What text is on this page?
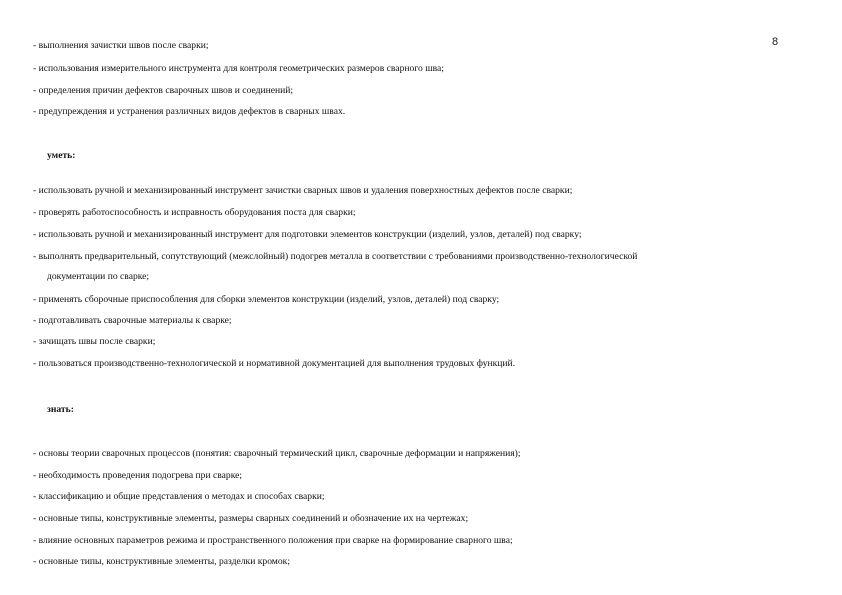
8
- выполнения зачистки швов после сварки;
- использования измерительного инструмента для контроля геометрических размеров сварного шва;
- определения причин дефектов сварочных швов и соединений;
- предупреждения и устранения различных видов дефектов в сварных швах.
уметь:
- использовать ручной и механизированный инструмент зачистки сварных швов и удаления поверхностных дефектов после сварки;
- проверять работоспособность и исправность оборудования поста для сварки;
- использовать ручной и механизированный инструмент для подготовки элементов конструкции (изделий, узлов, деталей) под сварку;
- выполнять предварительный, сопутствующий (межслойный) подогрев металла в соответствии с требованиями производственно-технологической
документации по сварке;
- применять сборочные приспособления для сборки элементов конструкции (изделий, узлов, деталей) под сварку;
- подготавливать сварочные материалы к сварке;
- зачищать швы после сварки;
- пользоваться производственно-технологической и нормативной документацией для выполнения трудовых функций.
знать:
- основы теории сварочных процессов (понятия: сварочный термический цикл, сварочные деформации и напряжения);
- необходимость проведения подогрева при сварке;
- классификацию и общие представления о методах и способах сварки;
- основные типы, конструктивные элементы, размеры сварных соединений и обозначение их на чертежах;
- влияние основных параметров режима и пространственного положения при сварке на формирование сварного шва;
- основные типы, конструктивные элементы, разделки кромок;
